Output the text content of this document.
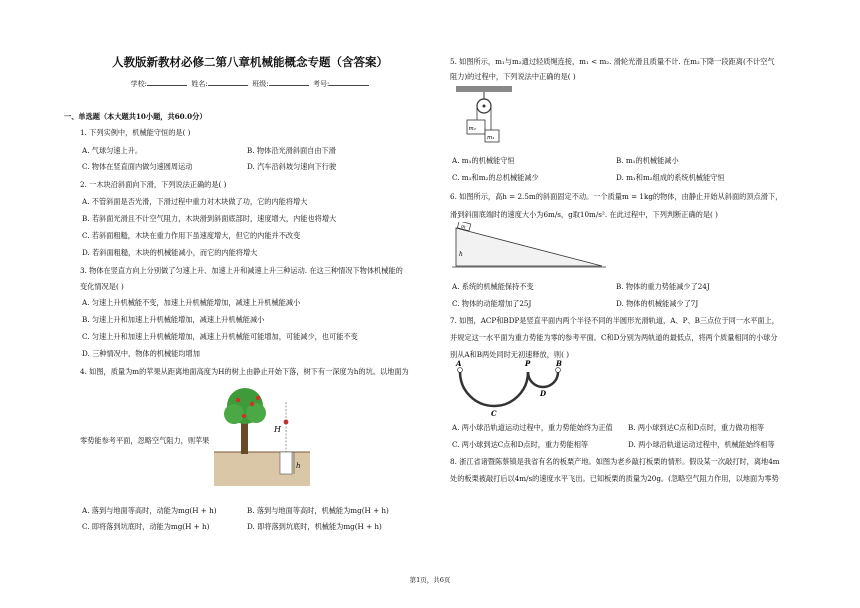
人教版新教材必修二第八章机械能概念专题（含答案）
学校:	姓名:	班级:	考号:
一、单选题（本大题共10小题，共60.0分）
1. 下列实例中，机械能守恒的是( )
A. 气球匀速上升。	B. 物体沿光滑斜面自由下滑
C. 物体在竖直面内做匀速圆周运动	D. 汽车沿斜坡匀速向下行驶
2. 一木块沿斜面向下滑，下列说法正确的是( )
A. 不管斜面是否光滑，下滑过程中重力对木块做了功，它的内能将增大
B. 若斜面光滑且不计空气阻力，木块滑到斜面底部时，速度增大，内能也将增大
C. 若斜面粗糙，木块在重力作用下虽速度增大，但它的内能并不改变
D. 若斜面粗糙，木块的机械能减小，而它的内能将增大
3. 物体在竖直方向上分别做了匀速上升、加速上升和减速上升三种运动. 在这三种情况下物体机械能的
变化情况是( )
A. 匀速上升机械能不变，加速上升机械能增加，减速上升机械能减小
B. 匀速上升和加速上升机械能增加，减速上升机械能减小
C. 匀速上升和加速上升机械能增加，减速上升机械能可能增加，可能减少，也可能不变
D. 三种情况中，物体的机械能均增加
4. 如图，质量为m的苹果从距离地面高度为H的树上由静止开始下落，树下有一深度为h的坑。以地面为
零势能参考平面，忽略空气阻力，则苹果
H
h
A. 落到与地面等高时，动能为mg(H + h)	B. 落到与地面等高时，机械能为mg(H + h)
C. 即将落到坑底时，动能为mg(H + h)	D. 即将落到坑底时，机械能为mg(H + h)
5. 如图所示，m₁与m₂通过轻质绳连接，m₁ < m₂. 滑轮光滑且质量不计. 在m₂下降一段距离(不计空气
阻力)的过程中，下列说法中正确的是( )
m₂
m₁
A. m₁的机械能守恒	B. m₁的机械能减小
C. m₁和m₂的总机械能减少	D. m₁和m₂组成的系统机械能守恒
6. 如图所示，高h = 2.5m的斜面固定不动。一个质量m = 1kg的物体，由静止开始从斜面的顶点滑下，
滑到斜面底端时的速度大小为6m/s，g取10m/s². 在此过程中，下列判断正确的是( )
m
h
A. 系统的机械能保持不变	B. 物体的重力势能减少了24J
C. 物体的动能增加了25J	D. 物体的机械能减少了7J
7. 如图，ACP和BDP是竖直平面内两个半径不同的半圆形光滑轨道，A、P、B三点位于同一水平面上，
并规定这一水平面为重力势能为零的参考平面。C和D分别为两轨道的最低点，将两个质量相同的小球分
别从A和B两处同时无初速释放，则( )
A	P	B
C
D
A. 两小球沿轨道运动过程中，重力势能始终为正值 B. 两小球到达C点和D点时，重力做功相等
C. 两小球到达C点和D点时，重力势能相等	D. 两小球沿轨道运动过程中，机械能始终相等
8. 浙江省诸暨陈蔡镇是我省有名的板栗产地。如图为老乡敲打板栗的情形。假设某一次敲打时，离地4m
处的板栗被敲打后以4m/s的速度水平飞出。已知板栗的质量为20g。(忽略空气阻力作用，以地面为零势
第1页，共6页
